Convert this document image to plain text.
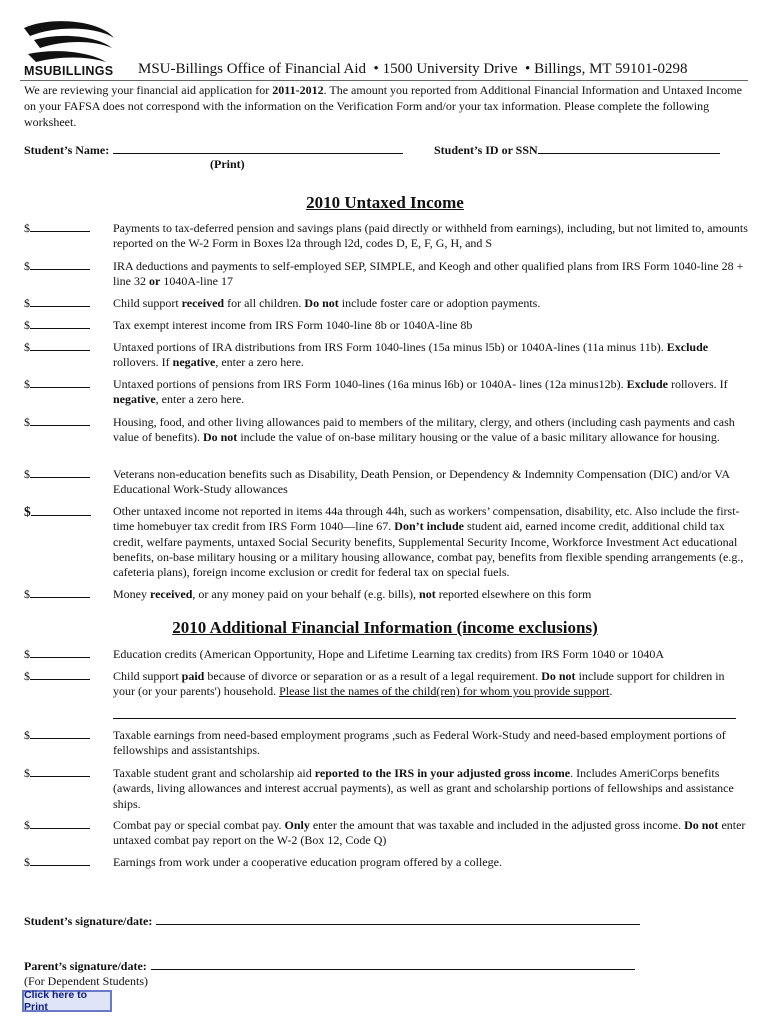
MSUBILLINGS MSU-Billings Office of Financial Aid • 1500 University Drive • Billings, MT 59101-0298
We are reviewing your financial aid application for 2011-2012. The amount you reported from Additional Financial Information and Untaxed Income on your FAFSA does not correspond with the information on the Verification Form and/or your tax information. Please complete the following worksheet.
Student’s Name:	Student’s ID or SSN
(Print)
2010 Untaxed Income
$	Payments to tax-deferred pension and savings plans (paid directly or withheld from earnings), including, but not limited to, amounts reported on the W-2 Form in Boxes l2a through l2d, codes D, E, F, G, H, and S
$	IRA deductions and payments to self-employed SEP, SIMPLE, and Keogh and other qualified plans from IRS Form 1040-line 28 + line 32 or 1040A-line 17
$	Child support received for all children. Do not include foster care or adoption payments.
$	Tax exempt interest income from IRS Form 1040-line 8b or 1040A-line 8b
$	Untaxed portions of IRA distributions from IRS Form 1040-lines (15a minus l5b) or 1040A-lines (11a minus 11b). Exclude rollovers. If negative, enter a zero here.
$	Untaxed portions of pensions from IRS Form 1040-lines (16a minus l6b) or 1040A- lines (12a minus12b). Exclude rollovers. If negative, enter a zero here.
$	Housing, food, and other living allowances paid to members of the military, clergy, and others (including cash payments and cash value of benefits). Do not include the value of on-base military housing or the value of a basic military allowance for housing.
$	Veterans non-education benefits such as Disability, Death Pension, or Dependency & Indemnity Compensation (DIC) and/or VA Educational Work-Study allowances
$	Other untaxed income not reported in items 44a through 44h, such as workers’ compensation, disability, etc. Also include the first-time homebuyer tax credit from IRS Form 1040—line 67. Don’t include student aid, earned income credit, additional child tax credit, welfare payments, untaxed Social Security benefits, Supplemental Security Income, Workforce Investment Act educational benefits, on-base military housing or a military housing allowance, combat pay, benefits from flexible spending arrangements (e.g., cafeteria plans), foreign income exclusion or credit for federal tax on special fuels.
$	Money received, or any money paid on your behalf (e.g. bills), not reported elsewhere on this form
2010 Additional Financial Information (income exclusions)
$	Education credits (American Opportunity, Hope and Lifetime Learning tax credits) from IRS Form 1040 or 1040A
$	Child support paid because of divorce or separation or as a result of a legal requirement. Do not include support for children in your (or your parents') household. Please list the names of the child(ren) for whom you provide support.
$	Taxable earnings from need-based employment programs ,such as Federal Work-Study and need-based employment portions of fellowships and assistantships.
$	Taxable student grant and scholarship aid reported to the IRS in your adjusted gross income. Includes AmeriCorps benefits (awards, living allowances and interest accrual payments), as well as grant and scholarship portions of fellowships and assistance ships.
$	Combat pay or special combat pay. Only enter the amount that was taxable and included in the adjusted gross income. Do not enter untaxed combat pay report on the W-2 (Box 12, Code Q)
$	Earnings from work under a cooperative education program offered by a college.
Student’s signature/date:
Parent’s signature/date:
(For Dependent Students)
Click here to Print
